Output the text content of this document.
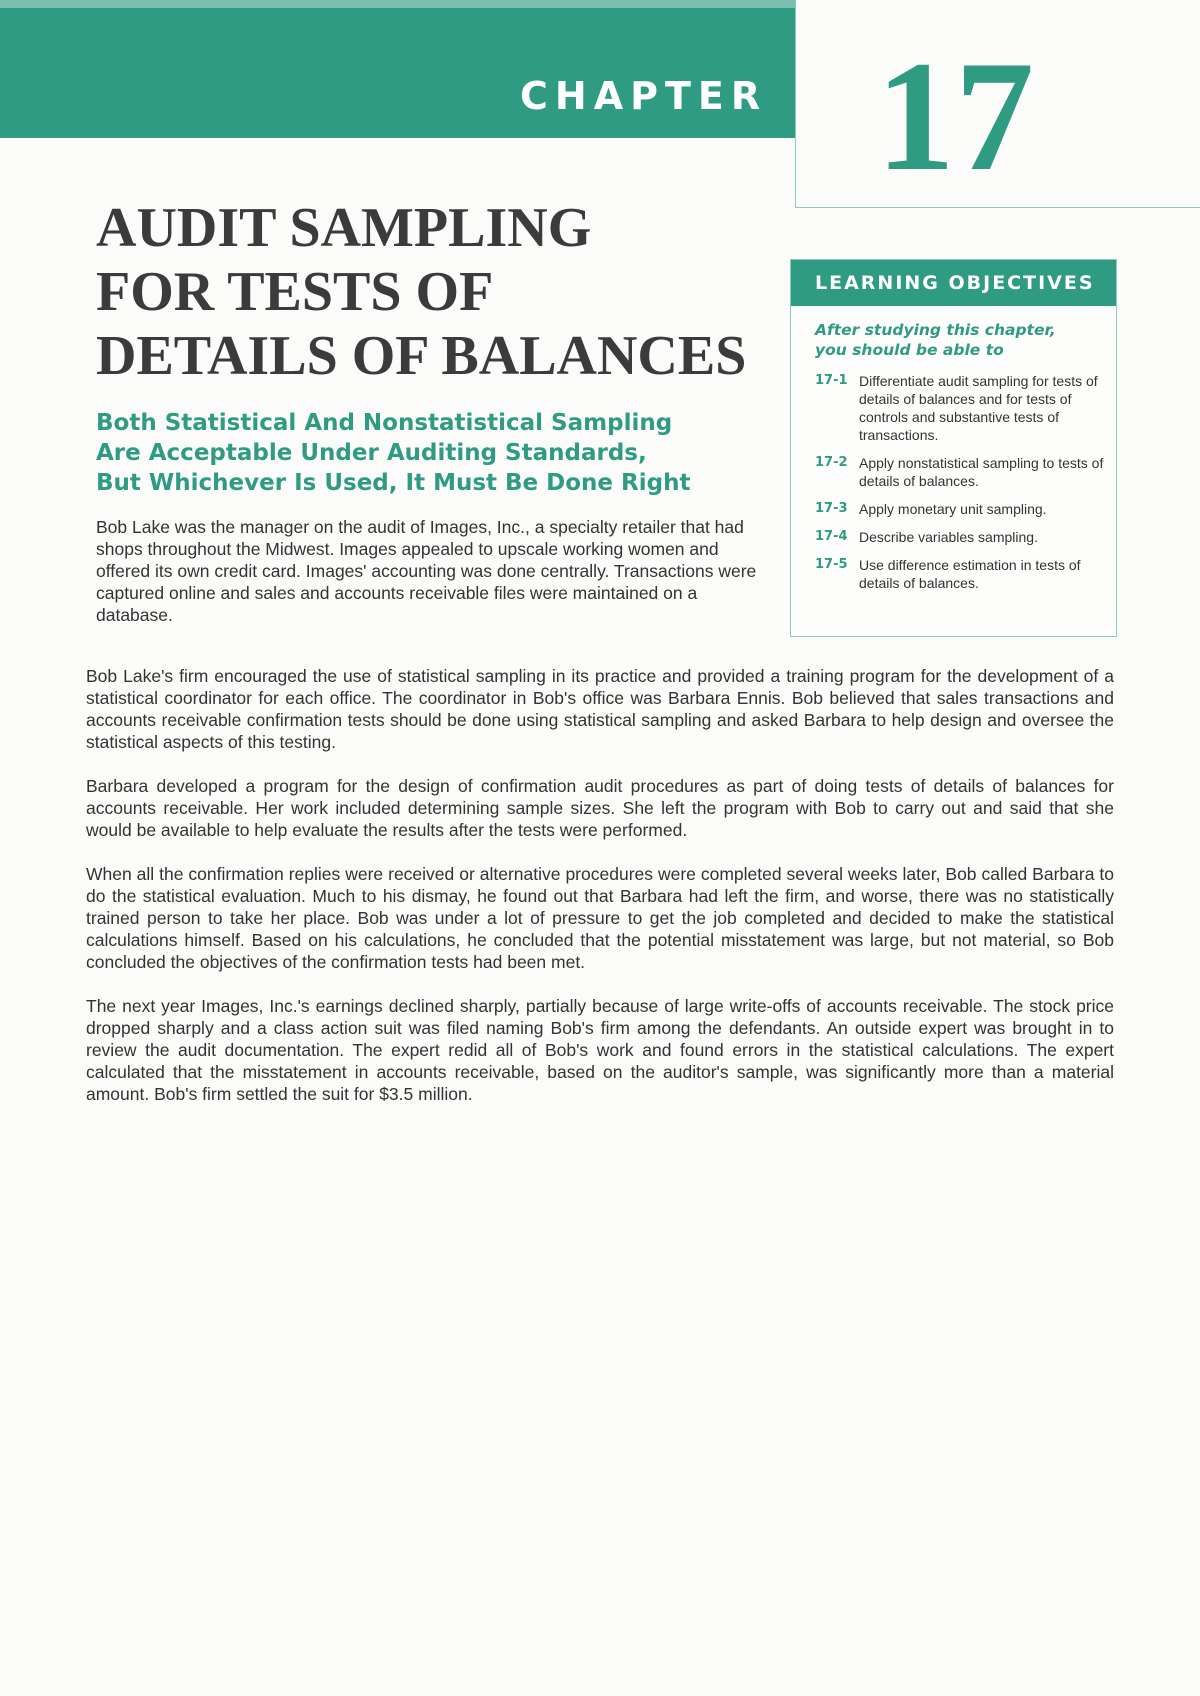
CHAPTER 17
AUDIT SAMPLING
FOR TESTS OF
DETAILS OF BALANCES
Both Statistical And Nonstatistical Sampling
Are Acceptable Under Auditing Standards,
But Whichever Is Used, It Must Be Done Right

Bob Lake was the manager on the audit of Images, Inc., a specialty retailer that had shops throughout the Midwest. Images appealed to upscale working women and offered its own credit card. Images' accounting was done centrally. Transactions were captured online and sales and accounts receivable files were maintained on a database.

LEARNING OBJECTIVES
After studying this chapter, you should be able to
17-1 Differentiate audit sampling for tests of details of balances and for tests of controls and substantive tests of transactions.
17-2 Apply nonstatistical sampling to tests of details of balances.
17-3 Apply monetary unit sampling.
17-4 Describe variables sampling.
17-5 Use difference estimation in tests of details of balances.

Bob Lake's firm encouraged the use of statistical sampling in its practice and provided a training program for the development of a statistical coordinator for each office. The coordinator in Bob's office was Barbara Ennis. Bob believed that sales transactions and accounts receivable confirmation tests should be done using statistical sampling and asked Barbara to help design and oversee the statistical aspects of this testing.

Barbara developed a program for the design of confirmation audit procedures as part of doing tests of details of balances for accounts receivable. Her work included determining sample sizes. She left the program with Bob to carry out and said that she would be available to help evaluate the results after the tests were performed.

When all the confirmation replies were received or alternative procedures were completed several weeks later, Bob called Barbara to do the statistical evaluation. Much to his dismay, he found out that Barbara had left the firm, and worse, there was no statistically trained person to take her place. Bob was under a lot of pressure to get the job completed and decided to make the statistical calculations himself. Based on his calculations, he concluded that the potential misstatement was large, but not material, so Bob concluded the objectives of the confirmation tests had been met.

The next year Images, Inc.'s earnings declined sharply, partially because of large write-offs of accounts receivable. The stock price dropped sharply and a class action suit was filed naming Bob's firm among the defendants. An outside expert was brought in to review the audit documentation. The expert redid all of Bob's work and found errors in the statistical calculations. The expert calculated that the misstatement in accounts receivable, based on the auditor's sample, was significantly more than a material amount. Bob's firm settled the suit for $3.5 million.
